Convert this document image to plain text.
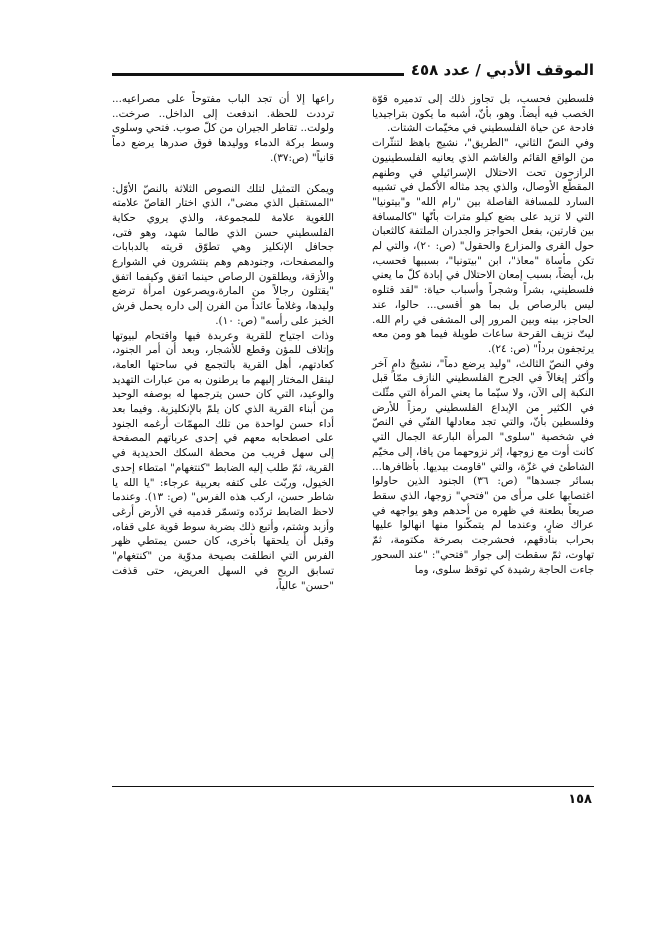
الموقف الأدبي / عدد ٤٥٨

فلسطين فحسب، بل تجاوز ذلك إلى تدميره قوّة الخصب فيه أيضاً. وهو، بأنّ، أشبه ما يكون بتراجيديا فادحة عن حياة الفلسطيني في مخيّمات الشتات.

وفي النصّ الثاني، "الطريق"، نشيج باهظ لتنثّرات من الواقع القائم والغاشم الذي يعانيه الفلسطينيون الرازحون تحت الاحتلال الإسرائيلي في وطنهم المقطّع الأوصال، والذي يجد مثاله الأكمل في تشبيه السارد للمسافة الفاصلة بين "رام الله" و"بيتونيا" التي لا تزيد على بضع كيلو مترات بأنّها "كالمسافة بين قارتين، بفعل الحواجز والجدران الملتفة كالثعبان حول القرى والمزارع والحقول" (ص: ٢٠)، والتي لم تكن مأساة "معاذ"، ابن "بيتونيا"، بسببها فحسب، بل، أيضاً، بسبب إمعان الاحتلال في إبادة كلّ ما يعني فلسطيني، بشراً وشجراً وأسباب حياة: "لقد قتلوه ليس بالرصاص بل بما هو أقسى... حالوا، عند الحاجز، بينه وبين المرور إلى المشفى في رام الله. ليتّ نزيف القرحة ساعات طويلة فيما هو ومن معه يرتجفون برداً" (ص: ٢٤).

وفي النصّ الثالث، "وليد يرضع دماً"، نشيجٌ دامٍ آخر وأكثر إيغالاً في الجرح الفلسطيني النازف ممّا قبل النكبة إلى الآن، ولا سيّما ما يعني المرأة التي مثّلت في الكثير من الإبداع الفلسطيني رمزاً للأرض وفلسطين بأنّ، والتي تجد معادلها الفنّي في النصّ في شخصية "سلوى" المرأة البارعة الجمال التي كانت أوت مع زوجها، إثر نزوحهما من يافا، إلى مخيّم الشاطئ في غزّة، والتي "قاومت بيديها. بأظافرها... بسائر جسدها" (ص: ٣٦) الجنود الذين حاولوا اغتصابها على مرأى من "فتحي" زوجها، الذي سقط صريعاً بطعنة في ظهره من أحدهم وهو يواجهه في عراك ضارٍ، وعندما لم يتمكّنوا منها انهالوا عليها بحراب بنادقهم، فحشرجت بصرخة مكتومة، ثمّ تهاوت، ثمّ سقطت إلى جوار "فتحي": "عند السحور جاءت الحاجة رشيدة كي توقظ سلوى، وما

راعها إلا أن تجد الباب مفتوحاً على مصراعيه... ترددت للحظة. اندفعت إلى الداخل.. صرخت.. ولولت.. تقاطر الجيران من كلّ صوب. فتحي وسلوى وسط بركة الدماء ووليدها فوق صدرها يرضع دماً قانياً" (ص:٣٧).

ويمكن التمثيل لتلك النصوص الثلاثة بالنصّ الأوّل: "المستقبل الذي مضى"، الذي اختار القاصّ علامته اللغوية علامة للمجموعة، والذي يروي حكاية الفلسطيني حسن الذي طالما شهد، وهو فتى، جحافل الإنكليز وهي تطوّق قريته بالدبابات والمصفحات، وجنودهم وهم ينتشرون في الشوارع والأزقة، ويطلقون الرصاص حينما اتفق وكيفما اتفق "يقتلون رجالاً من المارة،ويصرعون امرأة ترضع وليدها، وغلاماً عائداً من الفرن إلى داره يحمل فرش الخبز على رأسه" (ص: ١٠).

وذات اجتياح للقرية وعربدة فيها واقتحام لبيوتها وإتلاف للمؤن وقطع للأشجار، وبعد أن أمر الجنود، كعادتهم، أهل القرية بالتجمع في ساحتها العامة، لينقل المختار إليهم ما يرطنون به من عبارات التهديد والوعيد، التي كان حسن يترجمها له بوصفه الوحيد من أبناء القرية الذي كان يلمّ بالإنكليزية. وفيما بعد أداء حسن لواحدة من تلك المهمّات أرغمه الجنود على اصطحابه معهم في إحدى عرباتهم المصفحة إلى سهل قريب من محطة السكك الحديدية في القرية، ثمّ طلب إليه الضابط "كنتغهام" امتطاء إحدى الخيول، وربّت على كتفه بعربية عرجاء: "يا الله يا شاطر حسن، اركب هذه الفرس" (ص: ١٣). وعندما لاحظ الضابط تردّده وتسمّر قدميه في الأرض أرغى وأزبد وشتم، وأتبع ذلك بضربة سوط قوية على قفاه، وقبل أن يلحقها بأخرى، كان حسن يمتطي ظهر الفرس التي انطلقت بصيحة مدوّية من "كنتغهام" تسابق الريح في السهل العريض، حتى قذفت "حسن" عالياً،

١٥٨
